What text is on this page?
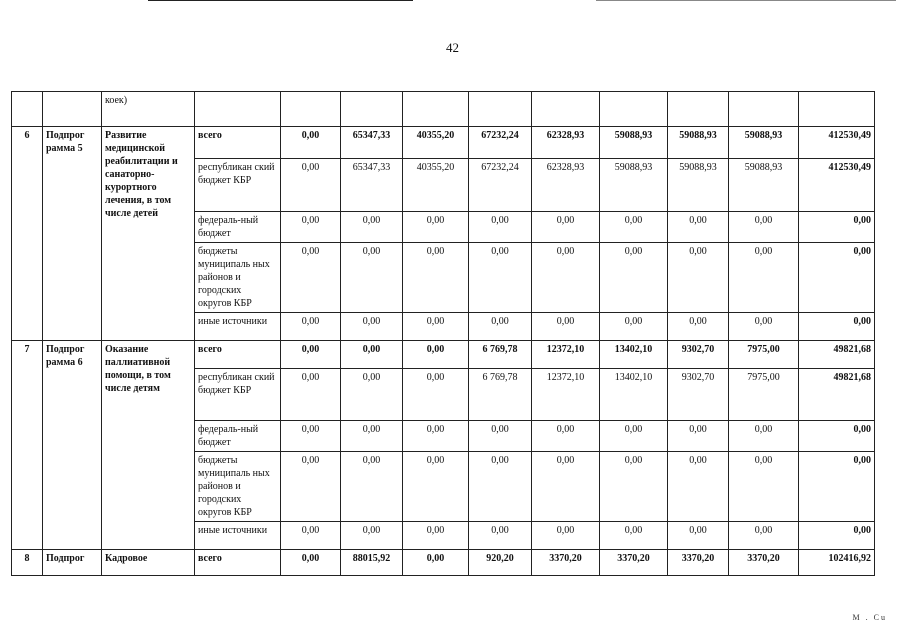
42
		коек)										
6	Подпрог рамма 5	Развитие медицинской реабилитации и санаторно-курортного лечения, в том числе детей	всего	0,00	65347,33	40355,20	67232,24	62328,93	59088,93	59088,93	59088,93	412530,49
			республикан ский бюджет КБР	0,00	65347,33	40355,20	67232,24	62328,93	59088,93	59088,93	59088,93	412530,49
			федераль-ный бюджет	0,00	0,00	0,00	0,00	0,00	0,00	0,00	0,00	0,00
			бюджеты муниципаль ных районов и городских округов КБР	0,00	0,00	0,00	0,00	0,00	0,00	0,00	0,00	0,00
			иные источники	0,00	0,00	0,00	0,00	0,00	0,00	0,00	0,00	0,00
7	Подпрог рамма 6	Оказание паллиативной помощи, в том числе детям	всего	0,00	0,00	0,00	6 769,78	12372,10	13402,10	9302,70	7975,00	49821,68
			республикан ский бюджет КБР	0,00	0,00	0,00	6 769,78	12372,10	13402,10	9302,70	7975,00	49821,68
			федераль-ный бюджет	0,00	0,00	0,00	0,00	0,00	0,00	0,00	0,00	0,00
			бюджеты муниципаль ных районов и городских округов КБР	0,00	0,00	0,00	0,00	0,00	0,00	0,00	0,00	0,00
			иные источники	0,00	0,00	0,00	0,00	0,00	0,00	0,00	0,00	0,00
8	Подпрог	Кадровое	всего	0,00	88015,92	0,00	920,20	3370,20	3370,20	3370,20	3370,20	102416,92
M . Cu
